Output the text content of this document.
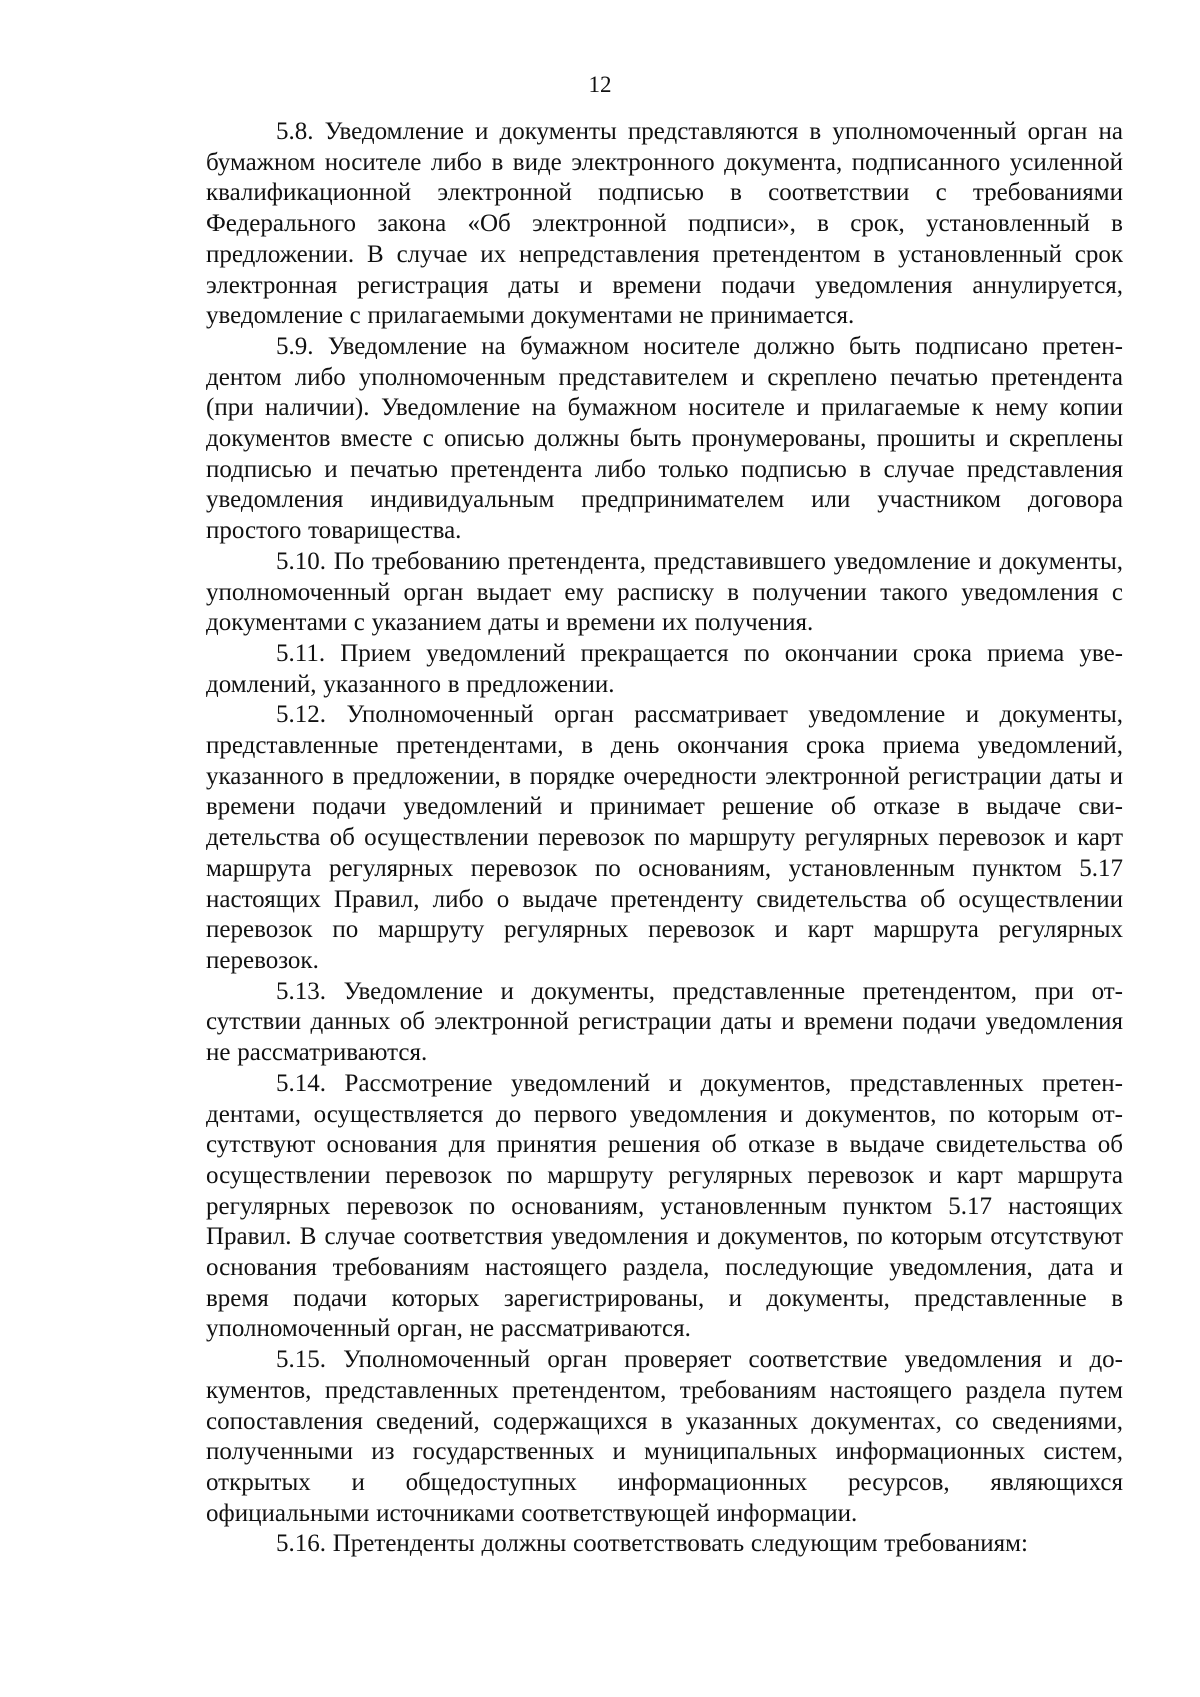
12

5.8. Уведомление и документы представляются в уполномоченный орган на бумажном носителе либо в виде электронного документа, подписанного усиленной квалификационной электронной подписью в соответствии с требованиями Федерального закона «Об электронной подписи», в срок, установленный в предложении. В случае их непредставления претендентом в установленный срок электронная регистрация даты и времени подачи уведомления аннулируется, уведомление с прилагаемыми документами не принимается.

5.9. Уведомление на бумажном носителе должно быть подписано претендентом либо уполномоченным представителем и скреплено печатью претендента (при наличии). Уведомление на бумажном носителе и прилагаемые к нему копии документов вместе с описью должны быть пронумерованы, прошиты и скреплены подписью и печатью претендента либо только подписью в случае представления уведомления индивидуальным предпринимателем или участником договора простого товарищества.

5.10. По требованию претендента, представившего уведомление и документы, уполномоченный орган выдает ему расписку в получении такого уведомления с документами с указанием даты и времени их получения.

5.11. Прием уведомлений прекращается по окончании срока приема уведомлений, указанного в предложении.

5.12. Уполномоченный орган рассматривает уведомление и документы, представленные претендентами, в день окончания срока приема уведомлений, указанного в предложении, в порядке очередности электронной регистрации даты и времени подачи уведомлений и принимает решение об отказе в выдаче свидетельства об осуществлении перевозок по маршруту регулярных перевозок и карт маршрута регулярных перевозок по основаниям, установленным пунктом 5.17 настоящих Правил, либо о выдаче претенденту свидетельства об осуществлении перевозок по маршруту регулярных перевозок и карт маршрута регулярных перевозок.

5.13. Уведомление и документы, представленные претендентом, при отсутствии данных об электронной регистрации даты и времени подачи уведомления не рассматриваются.

5.14. Рассмотрение уведомлений и документов, представленных претендентами, осуществляется до первого уведомления и документов, по которым отсутствуют основания для принятия решения об отказе в выдаче свидетельства об осуществлении перевозок по маршруту регулярных перевозок и карт маршрута регулярных перевозок по основаниям, установленным пунктом 5.17 настоящих Правил. В случае соответствия уведомления и документов, по которым отсутствуют основания требованиям настоящего раздела, последующие уведомления, дата и время подачи которых зарегистрированы, и документы, представленные в уполномоченный орган, не рассматриваются.

5.15. Уполномоченный орган проверяет соответствие уведомления и документов, представленных претендентом, требованиям настоящего раздела путем сопоставления сведений, содержащихся в указанных документах, со сведениями, полученными из государственных и муниципальных информационных систем, открытых и общедоступных информационных ресурсов, являющихся официальными источниками соответствующей информации.

5.16. Претенденты должны соответствовать следующим требованиям:
